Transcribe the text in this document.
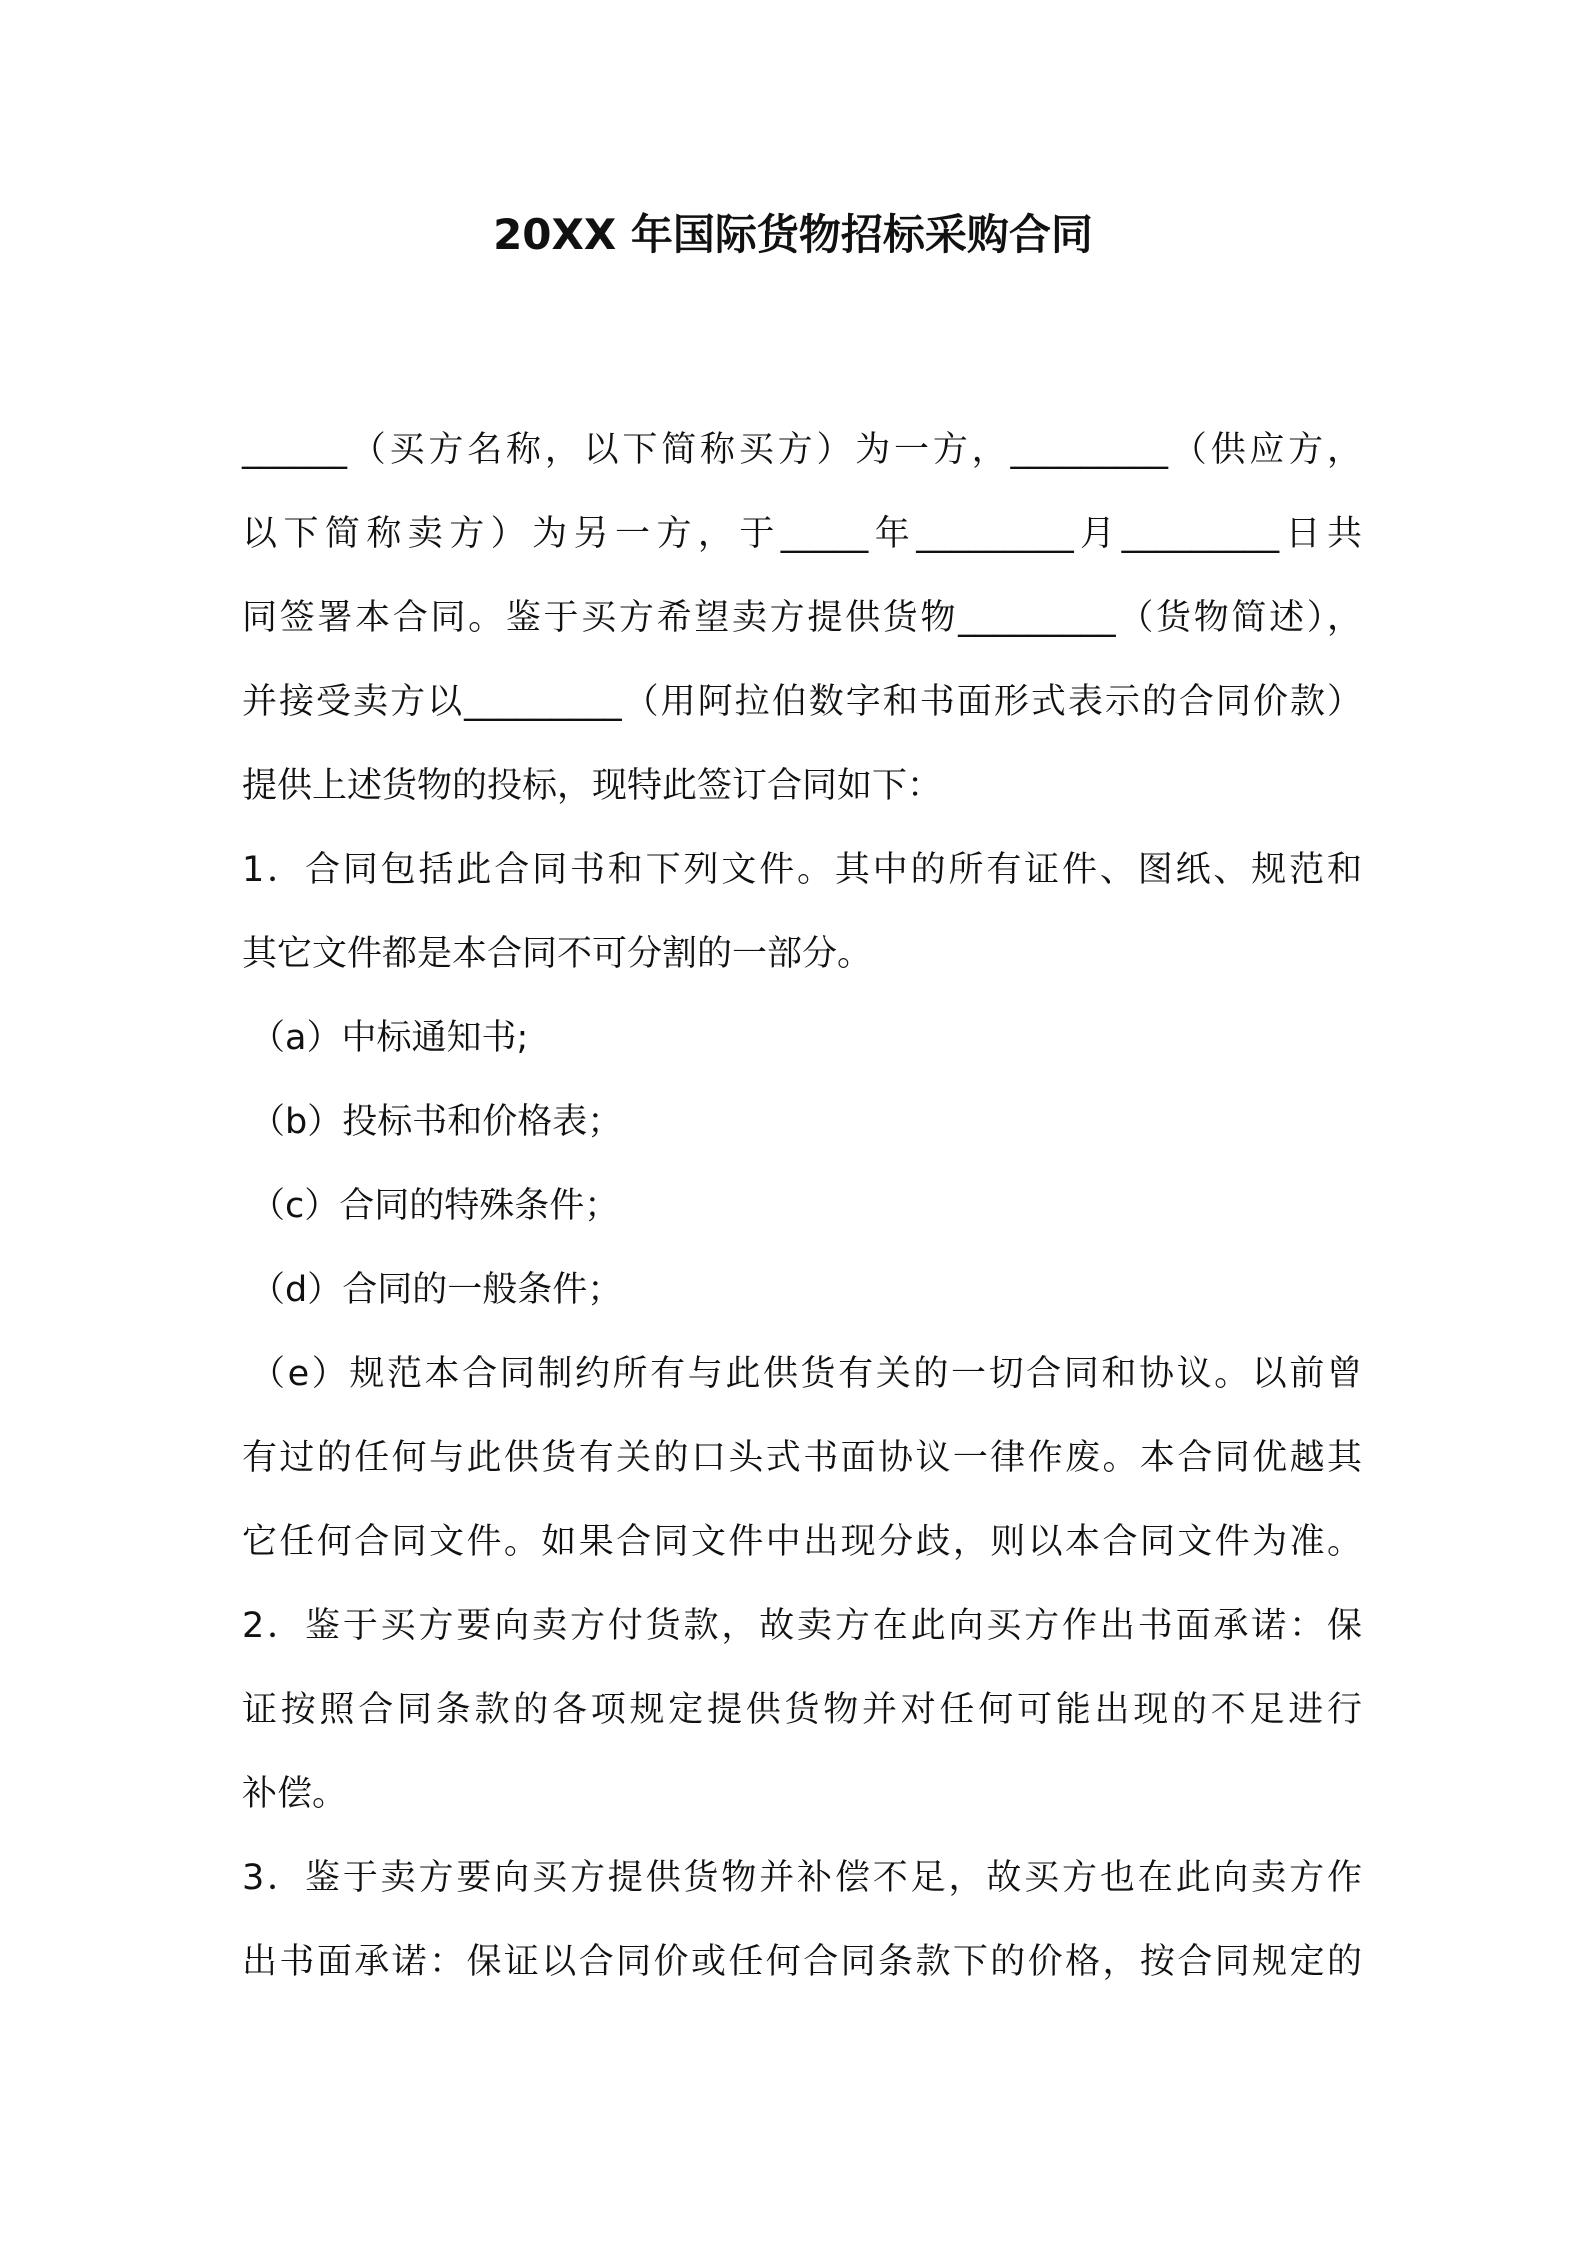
20XX 年国际货物招标采购合同
______（买方名称，以下简称买方）为一方，_________（供应方，
以下简称卖方）为另一方，于_____年_________月_________日共
同签署本合同。鉴于买方希望卖方提供货物_________（货物简述），
并接受卖方以_________（用阿拉伯数字和书面形式表示的合同价款）
提供上述货物的投标，现特此签订合同如下：
1．合同包括此合同书和下列文件。其中的所有证件、图纸、规范和
其它文件都是本合同不可分割的一部分。
（a）中标通知书;
（b）投标书和价格表；
（c）合同的特殊条件；
（d）合同的一般条件；
（e）规范本合同制约所有与此供货有关的一切合同和协议。以前曾
有过的任何与此供货有关的口头式书面协议一律作废。本合同优越其
它任何合同文件。如果合同文件中出现分歧，则以本合同文件为准。
2．鉴于买方要向卖方付货款，故卖方在此向买方作出书面承诺：保
证按照合同条款的各项规定提供货物并对任何可能出现的不足进行
补偿。
3．鉴于卖方要向买方提供货物并补偿不足，故买方也在此向卖方作
出书面承诺：保证以合同价或任何合同条款下的价格，按合同规定的
